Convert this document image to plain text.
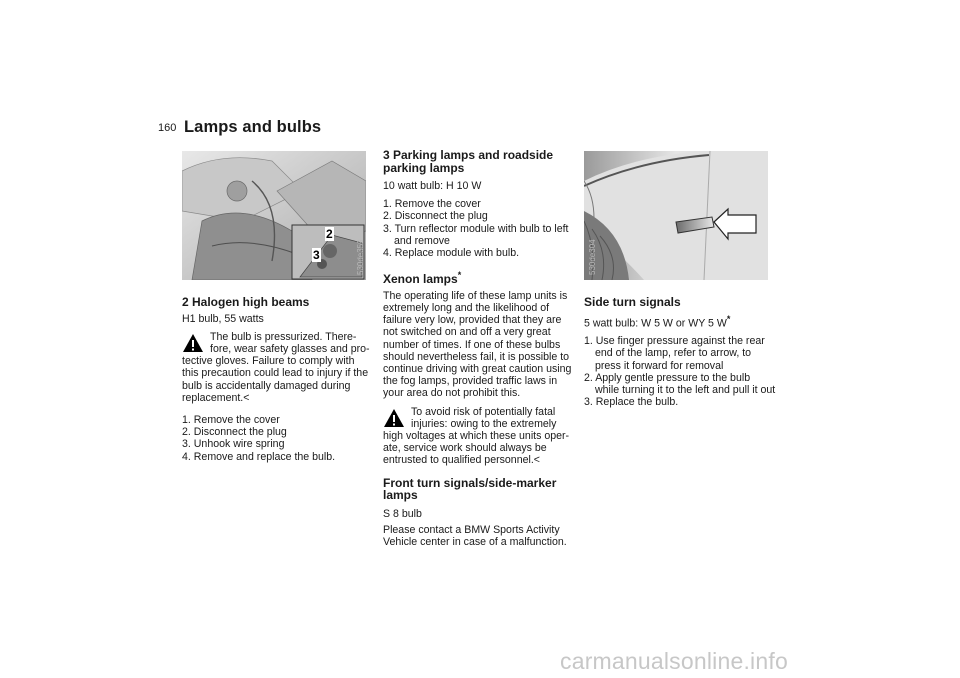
160 Lamps and bulbs
2
3	530de359

2 Halogen high beams

H1 bulb, 55 watts

The bulb is pressurized. There-

fore, wear safety glasses and pro-

tective gloves. Failure to comply with

this precaution could lead to injury if the

bulb is accidentally damaged during

replacement.<

1. Remove the cover

2. Disconnect the plug

3. Unhook wire spring

4. Remove and replace the bulb.

3 Parking lamps and roadside
parking lamps

10 watt bulb: H 10 W

1. Remove the cover

2. Disconnect the plug

3. Turn reflector module with bulb to left and remove

4. Replace module with bulb.

Xenon lamps*

The operating life of these lamp units is extremely long and the likelihood of failure very low, provided that they are not switched on and off a very great number of times. If one of these bulbs should nevertheless fail, it is possible to continue driving with great caution using the fog lamps, provided traffic laws in your area do not prohibit this.

To avoid risk of potentially fatal

injuries: owing to the extremely

high voltages at which these units oper-

ate, service work should always be

entrusted to qualified personnel.<

Front turn signals/side-marker
lamps

S 8 bulb

Please contact a BMW Sports Activity
Vehicle center in case of a malfunction.

530de304

Side turn signals

5 watt bulb: W 5 W or WY 5 W*

1. Use finger pressure against the rear end of the lamp, refer to arrow, to press it forward for removal

2. Apply gentle pressure to the bulb while turning it to the left and pull it out

3. Replace the bulb.

carmanualsonline.info
